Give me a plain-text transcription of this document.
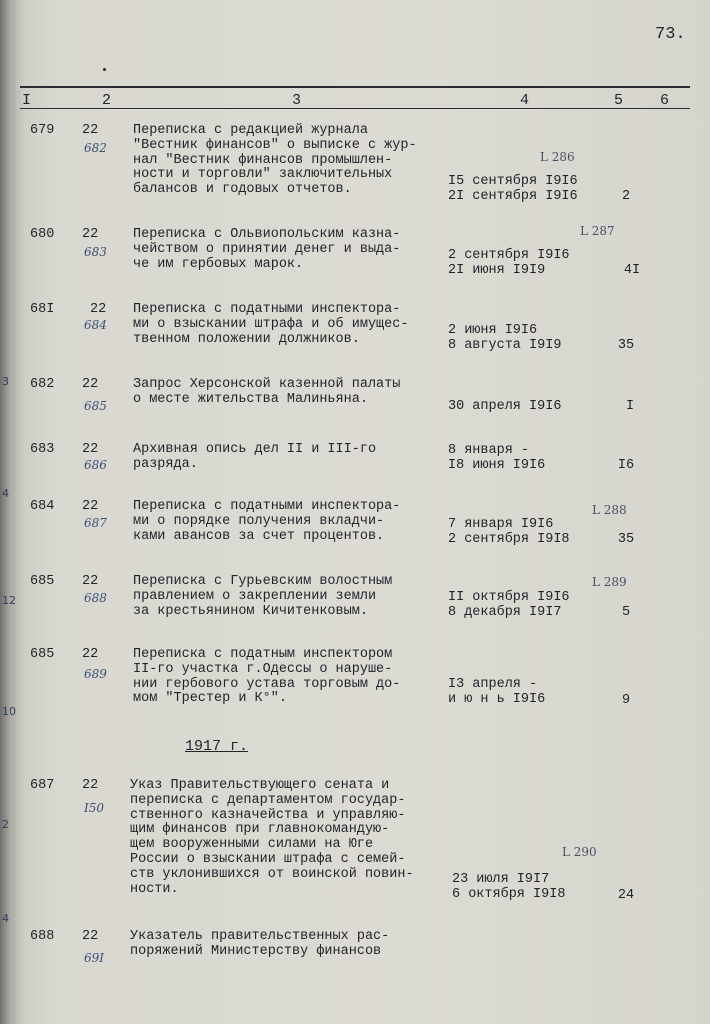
3
4
12
10
2
4
73.
I	2	3	4	5 6
679 22
682
L 286
Переписка с редакцией журнала
"Вестник финансов" о выписке с жур-
нал "Вестник финансов промышлен-
ности и торговли" заключительных
балансов и годовых отчетов.
I5 сентября I9I6
2I сентября I9I6	2
680 22
683
L 287
Переписка с Ольвиопольским казна-
чейством о принятии денег и выда-
че им гербовых марок.
2 сентября I9I6
2I июня I9I9	4I
68I	22
684
Переписка с податными инспектора-
ми о взыскании штрафа и об имущес-
твенном положении должников.
2 июня I9I6
8 августа I9I9	35
682 22
685
Запрос Херсонской казенной палаты
о месте жительства Малиньяна.	30 апреля I9I6	I
683 22
686
Архивная опись дел II и III-го
разряда.
8 января -
I8 июня I9I6	I6
684 22
687
L 288
Переписка с податными инспектора-
ми о порядке получения вкладчи-
ками авансов за счет процентов.
7 января I9I6
2 сентября I9I8	35
685 22
688
L 289
Переписка с Гурьевским волостным
правлением о закреплении земли
за крестьянином Кичитенковым.
II октября I9I6
8 декабря I9I7	5
685 22
689
Переписка с податным инспектором
II-го участка г.Одессы о наруше-
нии гербового устава торговым до-
мом "Трестер и К°".
I3 апреля -
и ю н ь I9I6	9
1917 г.
687 22
I50
L 290
Указ Правительствующего сената и
переписка с департаментом государ-
ственного казначейства и управляю-
щим финансов при главнокомандую-
щем вооруженными силами на Юге
России о взыскании штрафа с семей-
ств уклонившихся от воинской повин-
ности.
23 июля I9I7
6 октября I9I8	24
688 22
69I
Указатель правительственных рас-
поряжений Министерству финансов
